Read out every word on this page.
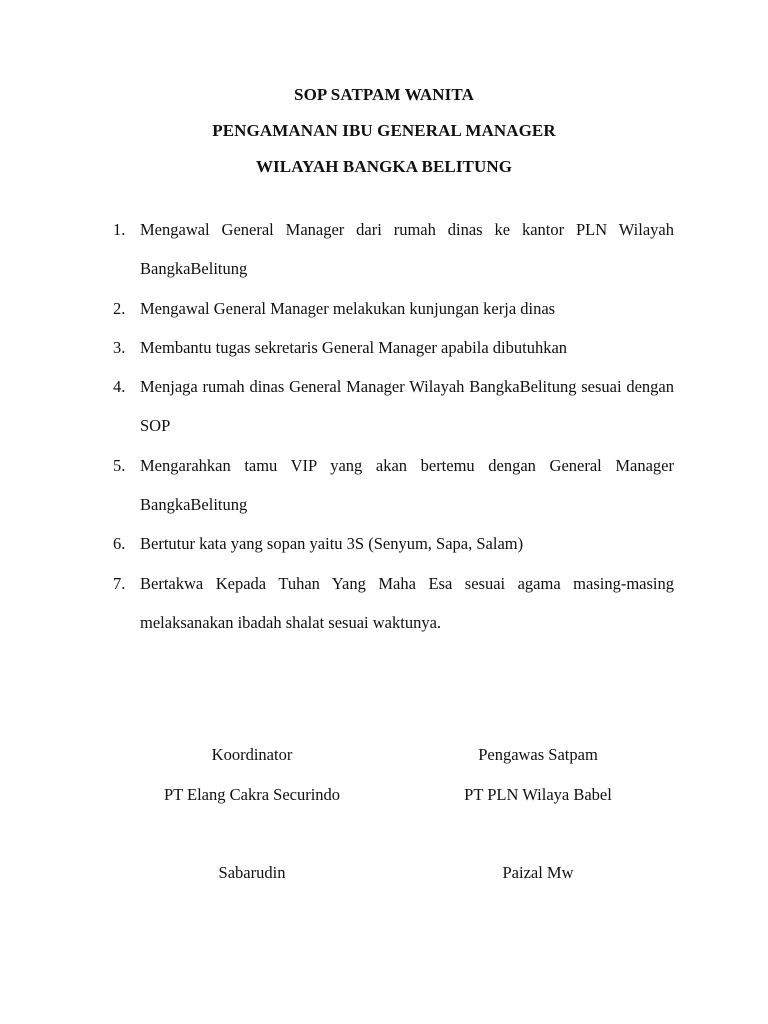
SOP SATPAM WANITA
PENGAMANAN IBU GENERAL MANAGER
WILAYAH BANGKA BELITUNG
1. Mengawal General Manager dari rumah dinas ke kantor PLN Wilayah BangkaBelitung
2. Mengawal General Manager melakukan kunjungan kerja dinas
3. Membantu tugas sekretaris General Manager apabila dibutuhkan
4. Menjaga rumah dinas General Manager Wilayah BangkaBelitung sesuai dengan SOP
5. Mengarahkan tamu VIP yang akan bertemu dengan General Manager BangkaBelitung
6. Bertutur kata yang sopan yaitu 3S (Senyum, Sapa, Salam)
7. Bertakwa Kepada Tuhan Yang Maha Esa sesuai agama masing-masing melaksanakan ibadah shalat sesuai waktunya.
Koordinator	Pengawas Satpam
PT Elang Cakra Securindo	PT PLN Wilaya Babel
Sabarudin	Paizal Mw
